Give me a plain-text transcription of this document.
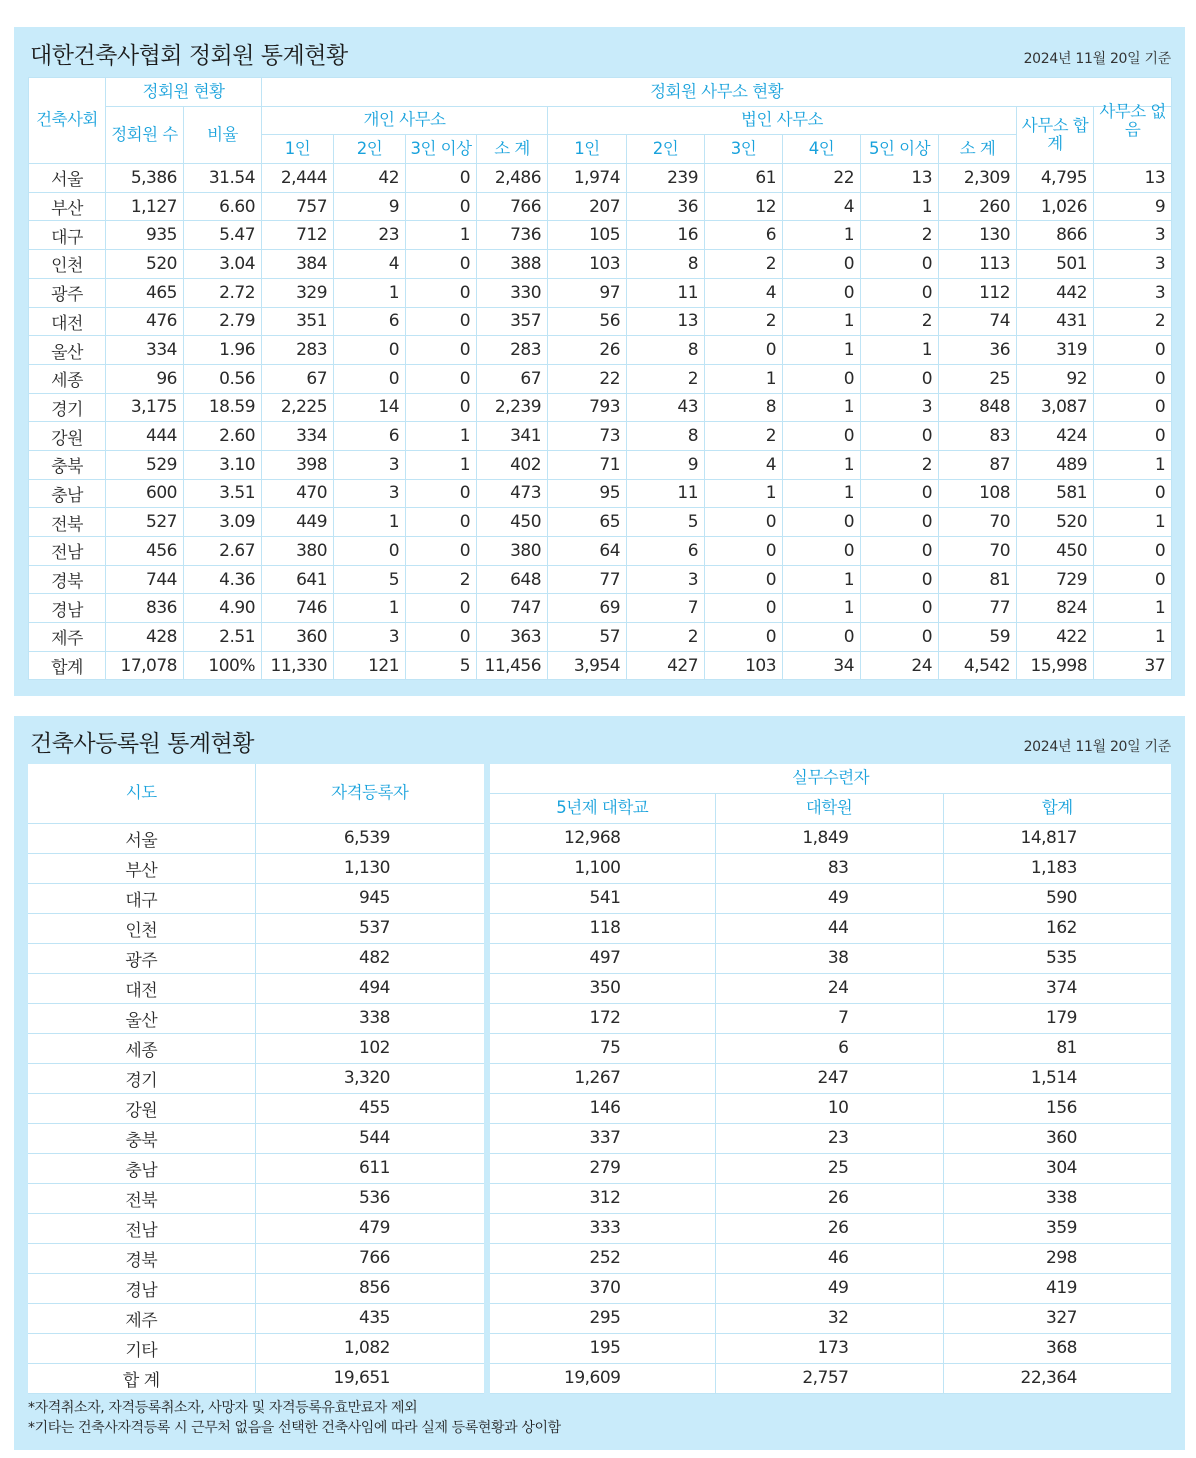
대한건축사협회 정회원 통계현황	2024년 11월 20일 기준
건축사회	정회원 현황		정회원 사무소 현황											
	정회원 수	비율	개인 사무소				법인 사무소						사무소 합계	사무소 없음
			1인	2인	3인 이상	소 계	1인	2인	3인	4인	5인 이상	소 계		
서울	5,386	31.54	2,444	42	0	2,486	1,974	239	61	22	13	2,309	4,795	13
부산	1,127	6.60	757	9	0	766	207	36	12	4	1	260	1,026	9
대구	935	5.47	712	23	1	736	105	16	6	1	2	130	866	3
인천	520	3.04	384	4	0	388	103	8	2	0	0	113	501	3
광주	465	2.72	329	1	0	330	97	11	4	0	0	112	442	3
대전	476	2.79	351	6	0	357	56	13	2	1	2	74	431	2
울산	334	1.96	283	0	0	283	26	8	0	1	1	36	319	0
세종	96	0.56	67	0	0	67	22	2	1	0	0	25	92	0
경기	3,175	18.59	2,225	14	0	2,239	793	43	8	1	3	848	3,087	0
강원	444	2.60	334	6	1	341	73	8	2	0	0	83	424	0
충북	529	3.10	398	3	1	402	71	9	4	1	2	87	489	1
충남	600	3.51	470	3	0	473	95	11	1	1	0	108	581	0
전북	527	3.09	449	1	0	450	65	5	0	0	0	70	520	1
전남	456	2.67	380	0	0	380	64	6	0	0	0	70	450	0
경북	744	4.36	641	5	2	648	77	3	0	1	0	81	729	0
경남	836	4.90	746	1	0	747	69	7	0	1	0	77	824	1
제주	428	2.51	360	3	0	363	57	2	0	0	0	59	422	1
합계	17,078	100%	11,330	121	5	11,456	3,954	427	103	34	24	4,542	15,998	37
건축사등록원 통계현황	2024년 11월 20일 기준
시도	자격등록자	실무수련자		
		5년제 대학교	대학원	합계
서울	6,539	12,968	1,849	14,817
부산	1,130	1,100	83	1,183
대구	945	541	49	590
인천	537	118	44	162
광주	482	497	38	535
대전	494	350	24	374
울산	338	172	7	179
세종	102	75	6	81
경기	3,320	1,267	247	1,514
강원	455	146	10	156
충북	544	337	23	360
충남	611	279	25	304
전북	536	312	26	338
전남	479	333	26	359
경북	766	252	46	298
경남	856	370	49	419
제주	435	295	32	327
기타	1,082	195	173	368
합 계	19,651	19,609	2,757	22,364
*자격취소자, 자격등록취소자, 사망자 및 자격등록유효만료자 제외
*기타는 건축사자격등록 시 근무처 없음을 선택한 건축사임에 따라 실제 등록현황과 상이함
